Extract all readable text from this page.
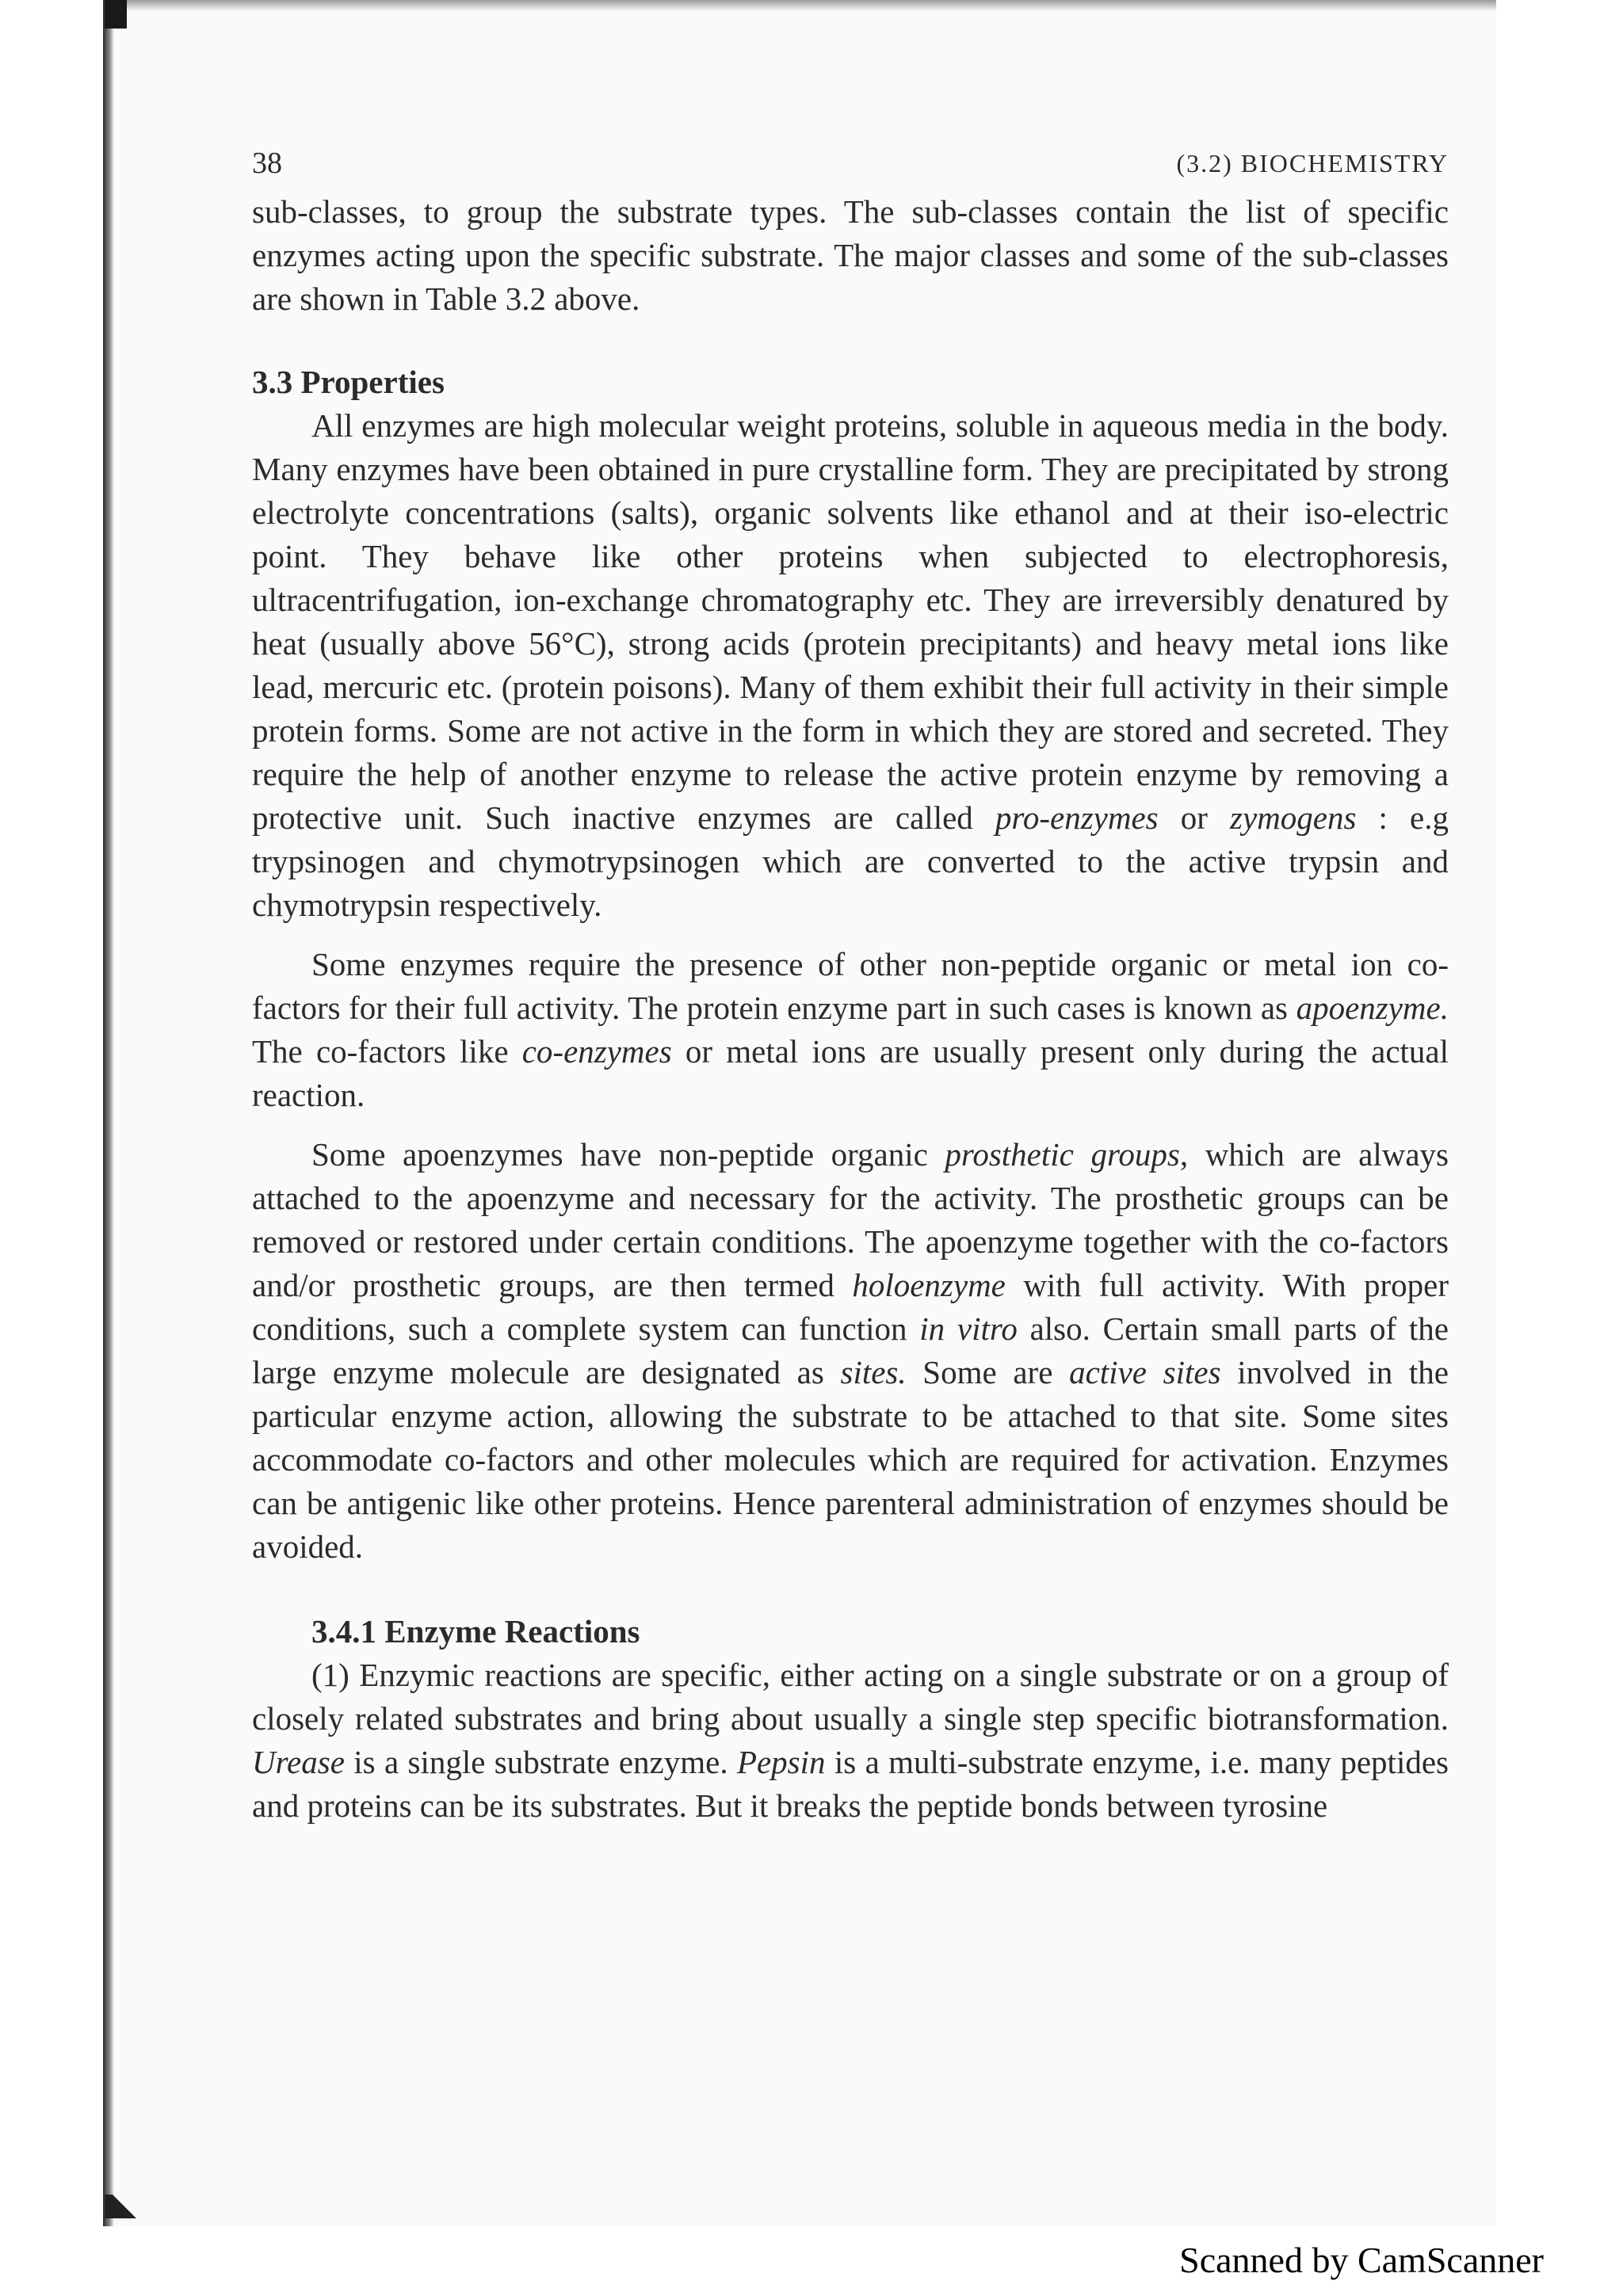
38	(3.2) BIOCHEMISTRY

sub-classes, to group the substrate types. The sub-classes contain the list of specific enzymes acting upon the specific substrate. The major classes and some of the sub-classes are shown in Table 3.2 above.

3.3 Properties

All enzymes are high molecular weight proteins, soluble in aqueous media in the body. Many enzymes have been obtained in pure crystalline form. They are precipitated by strong electrolyte concentrations (salts), organic solvents like ethanol and at their iso-electric point. They behave like other proteins when subjected to electrophoresis, ultracentrifugation, ion-exchange chromatography etc. They are irreversibly denatured by heat (usually above 56°C), strong acids (protein precipitants) and heavy metal ions like lead, mercuric etc. (protein poisons). Many of them exhibit their full activity in their simple protein forms. Some are not active in the form in which they are stored and secreted. They require the help of another enzyme to release the active protein enzyme by removing a protective unit. Such inactive enzymes are called pro-enzymes or zymogens : e.g trypsinogen and chymotrypsinogen which are converted to the active trypsin and chymotrypsin respectively.

Some enzymes require the presence of other non-peptide organic or metal ion co-factors for their full activity. The protein enzyme part in such cases is known as apoenzyme. The co-factors like co-enzymes or metal ions are usually present only during the actual reaction.

Some apoenzymes have non-peptide organic prosthetic groups, which are always attached to the apoenzyme and necessary for the activity. The prosthetic groups can be removed or restored under certain conditions. The apoenzyme together with the co-factors and/or prosthetic groups, are then termed holoenzyme with full activity. With proper conditions, such a complete system can function in vitro also. Certain small parts of the large enzyme molecule are designated as sites. Some are active sites involved in the particular enzyme action, allowing the substrate to be attached to that site. Some sites accommodate co-factors and other molecules which are required for activation. Enzymes can be antigenic like other proteins. Hence parenteral administration of enzymes should be avoided.

3.4.1 Enzyme Reactions

(1) Enzymic reactions are specific, either acting on a single substrate or on a group of closely related substrates and bring about usually a single step specific biotransformation. Urease is a single substrate enzyme. Pepsin is a multi-substrate enzyme, i.e. many peptides and proteins can be its substrates. But it breaks the peptide bonds between tyrosine

Scanned by CamScanner
